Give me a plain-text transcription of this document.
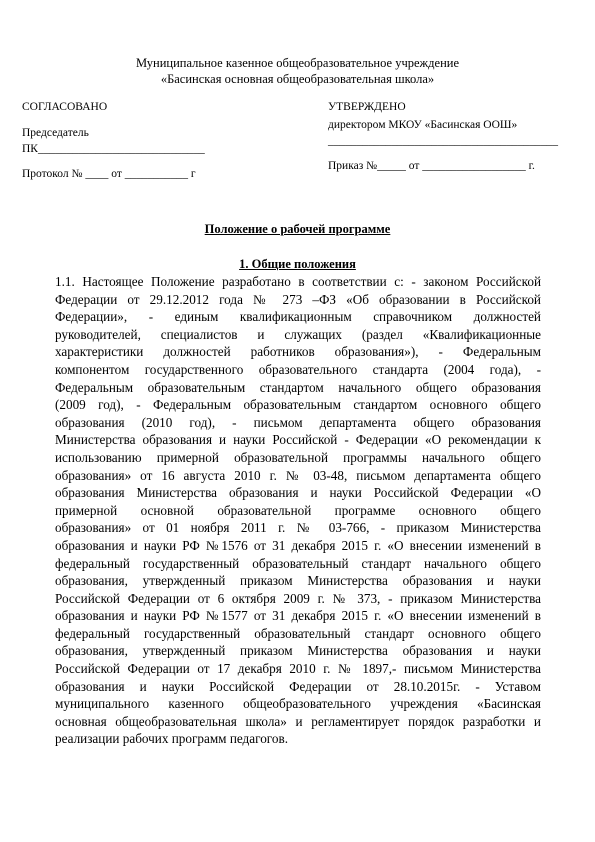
Муниципальное казенное общеобразовательное учреждение
«Басинская основная общеобразовательная школа»
СОГЛАСОВАНО
Председатель
ПК_____________________________
Протокол № ____ от ___________ г
УТВЕРЖДЕНО
директором МКОУ «Басинская ООШ»
________________________________________
Приказ №_____ от __________________ г.
Положение о рабочей программе
1. Общие положения
1.1. Настоящее Положение разработано в соответствии с: - законом Российской
Федерации от 29.12.2012 года № 273 –ФЗ «Об образовании в Российской
Федерации», - единым квалификационным справочником должностей
руководителей, специалистов и служащих (раздел «Квалификационные
характеристики должностей работников образования»), - Федеральным
компонентом государственного образовательного стандарта (2004 года), -
Федеральным образовательным стандартом начального общего образования
(2009 год), - Федеральным образовательным стандартом основного общего
образования (2010 год), - письмом департамента общего образования
Министерства образования и науки Российской - Федерации «О рекомендации к
использованию примерной образовательной программы начального общего
образования» от 16 августа 2010 г. № 03-48, письмом департамента общего
образования Министерства образования и науки Российской Федерации «О
примерной основной образовательной программе основного общего
образования» от 01 ноября 2011 г. № 03-766, - приказом Министерства
образования и науки РФ №1576 от 31 декабря 2015 г. «О внесении изменений в
федеральный государственный образовательный стандарт начального общего
образования, утвержденный приказом Министерства образования и науки
Российской Федерации от 6 октября 2009 г. № 373, - приказом Министерства
образования и науки РФ №1577 от 31 декабря 2015 г. «О внесении изменений в
федеральный государственный образовательный стандарт основного общего
образования, утвержденный приказом Министерства образования и науки
Российской Федерации от 17 декабря 2010 г. № 1897,- письмом Министерства
образования и науки Российской Федерации от 28.10.2015г. - Уставом
муниципального казенного общеобразовательного учреждения «Басинская
основная общеобразовательная школа» и регламентирует порядок разработки и
реализации рабочих программ педагогов.
